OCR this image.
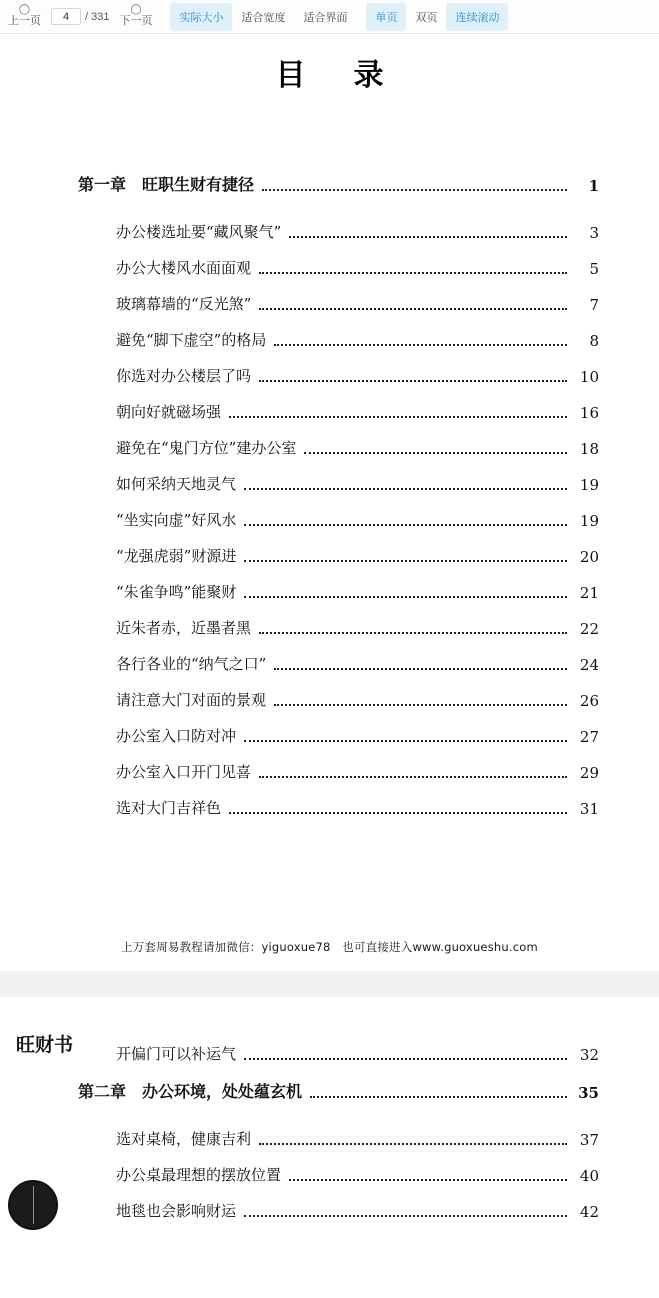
◯
上一页
4	/ 331
◯
下一页	实际大小	适合宽度	适合界面	单页	双页	连续滚动
目录
第一章　旺职生财有捷径	1
办公楼选址要“藏风聚气”	3
办公大楼风水面面观	5
玻璃幕墙的“反光煞”	7
避免“脚下虚空”的格局	8
你选对办公楼层了吗	10
朝向好就磁场强	16
避免在“鬼门方位”建办公室	18
如何采纳天地灵气	19
“坐实向虚”好风水	19
“龙强虎弱”财源进	20
“朱雀争鸣”能聚财	21
近朱者赤，近墨者黑	22
各行各业的“纳气之口”	24
请注意大门对面的景观	26
办公室入口防对冲	27
办公室入口开门见喜	29
选对大门吉祥色	31
上万套周易教程请加微信：yiguoxue78　也可直接进入www.guoxueshu.com
旺财书	开偏门可以补运气	32
第二章　办公环境，处处蕴玄机	35
选对桌椅，健康吉利	37
办公桌最理想的摆放位置	40
地毯也会影响财运	42
